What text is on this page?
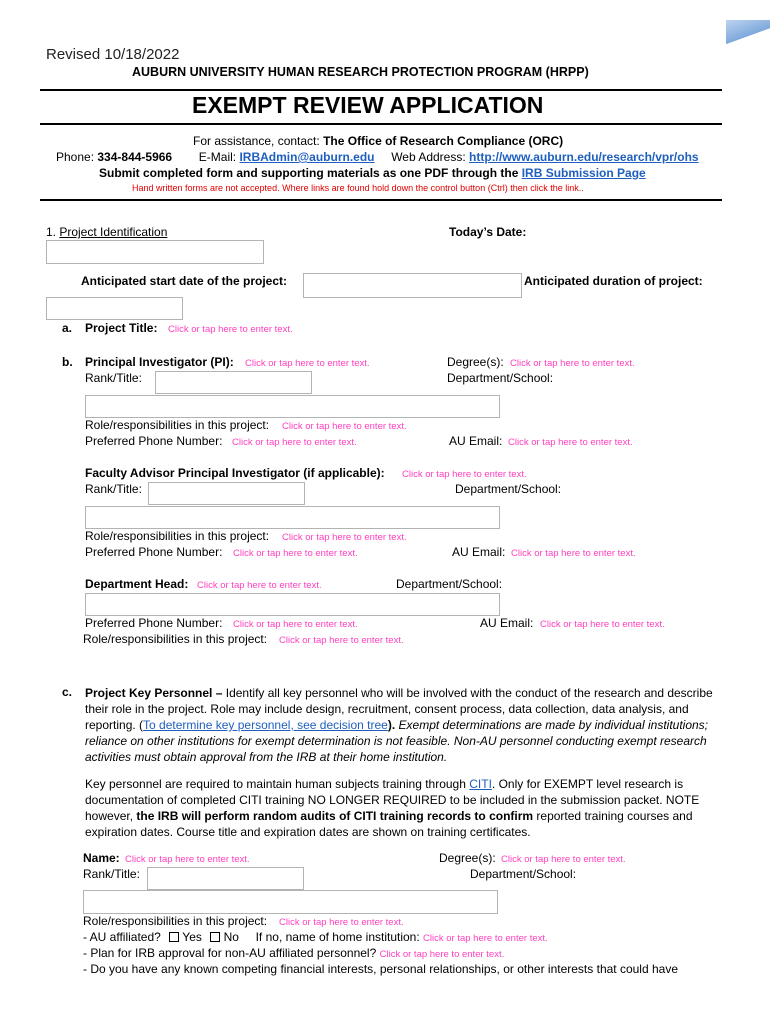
Revised 10/18/2022
AUBURN UNIVERSITY HUMAN RESEARCH PROTECTION PROGRAM (HRPP)
EXEMPT REVIEW APPLICATION
For assistance, contact: The Office of Research Compliance (ORC)
Phone: 334-844-5966 E-Mail: IRBAdmin@auburn.edu Web Address: http://www.auburn.edu/research/vpr/ohs
Submit completed form and supporting materials as one PDF through the IRB Submission Page
Hand written forms are not accepted. Where links are found hold down the control button (Ctrl) then click the link..
1. Project Identification	Today’s Date:
Anticipated start date of the project:	Anticipated duration of project:
a. Project Title: Click or tap here to enter text.
b. Principal Investigator (PI): Click or tap here to enter text.	Degree(s): Click or tap here to enter text.
Rank/Title:	Department/School:
Role/responsibilities in this project: Click or tap here to enter text.
Preferred Phone Number: Click or tap here to enter text.	AU Email: Click or tap here to enter text.
Faculty Advisor Principal Investigator (if applicable): Click or tap here to enter text.
Rank/Title:	Department/School:
Role/responsibilities in this project: Click or tap here to enter text.
Preferred Phone Number: Click or tap here to enter text.	AU Email: Click or tap here to enter text.
Department Head: Click or tap here to enter text.	Department/School:
Preferred Phone Number: Click or tap here to enter text.	AU Email: Click or tap here to enter text.
Role/responsibilities in this project: Click or tap here to enter text.
c. Project Key Personnel – Identify all key personnel who will be involved with the conduct of the research and describe their role in the project. Role may include design, recruitment, consent process, data collection, data analysis, and reporting. (To determine key personnel, see decision tree). Exempt determinations are made by individual institutions; reliance on other institutions for exempt determination is not feasible. Non-AU personnel conducting exempt research activities must obtain approval from the IRB at their home institution.
Key personnel are required to maintain human subjects training through CITI. Only for EXEMPT level research is documentation of completed CITI training NO LONGER REQUIRED to be included in the submission packet. NOTE however, the IRB will perform random audits of CITI training records to confirm reported training courses and expiration dates. Course title and expiration dates are shown on training certificates.
Name: Click or tap here to enter text.	Degree(s): Click or tap here to enter text.
Rank/Title:	Department/School:
Role/responsibilities in this project: Click or tap here to enter text.
- AU affiliated? Yes No If no, name of home institution: Click or tap here to enter text.
- Plan for IRB approval for non-AU affiliated personnel? Click or tap here to enter text.
- Do you have any known competing financial interests, personal relationships, or other interests that could have
